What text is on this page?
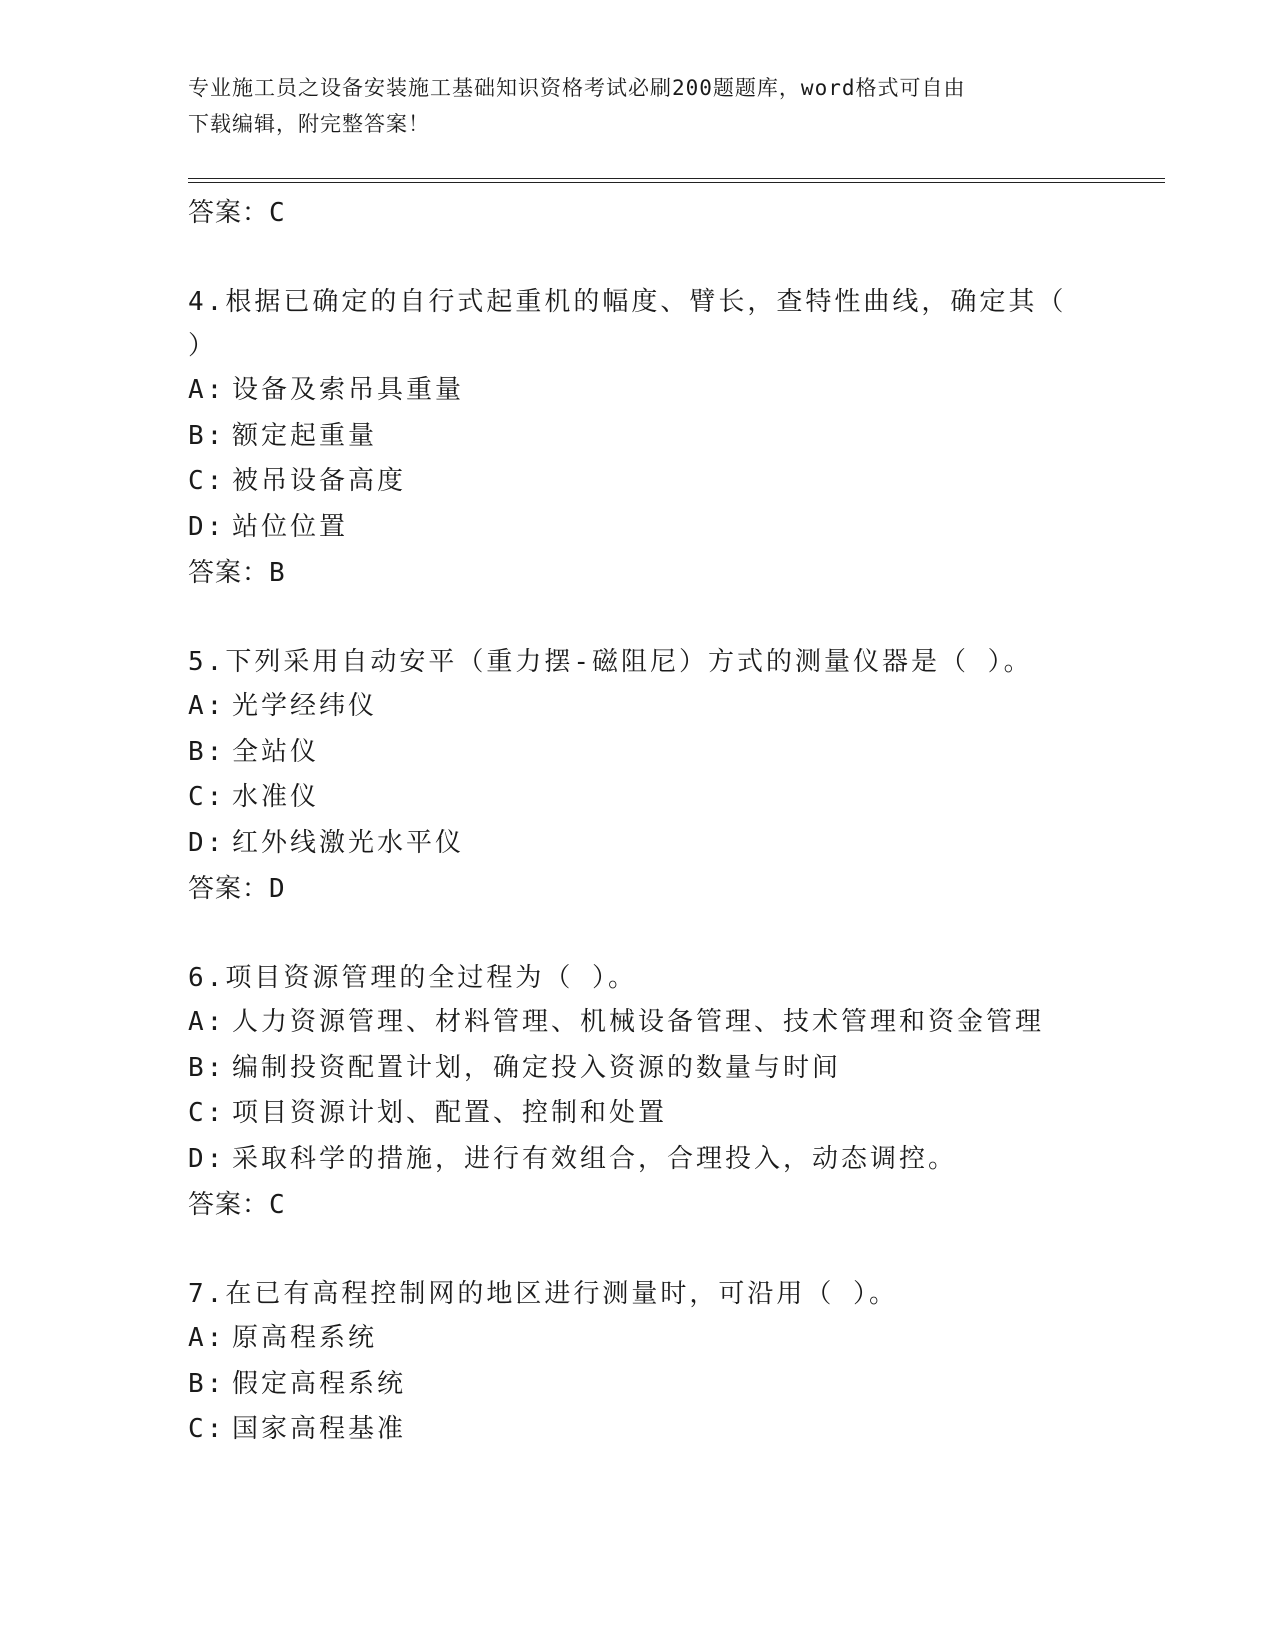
专业施工员之设备安装施工基础知识资格考试必刷200题题库，word格式可自由
下载编辑，附完整答案！
答案：C
4.根据已确定的自行式起重机的幅度、臂长，查特性曲线，确定其（
）
A: 设备及索吊具重量
B: 额定起重量
C: 被吊设备高度
D: 站位位置
答案：B
5.下列采用自动安平（重力摆-磁阻尼）方式的测量仪器是（ ）。
A: 光学经纬仪
B: 全站仪
C: 水准仪
D: 红外线激光水平仪
答案：D
6.项目资源管理的全过程为（ ）。
A: 人力资源管理、材料管理、机械设备管理、技术管理和资金管理
B: 编制投资配置计划，确定投入资源的数量与时间
C: 项目资源计划、配置、控制和处置
D: 采取科学的措施，进行有效组合，合理投入，动态调控。
答案：C
7.在已有高程控制网的地区进行测量时，可沿用（ ）。
A: 原高程系统
B: 假定高程系统
C: 国家高程基准
